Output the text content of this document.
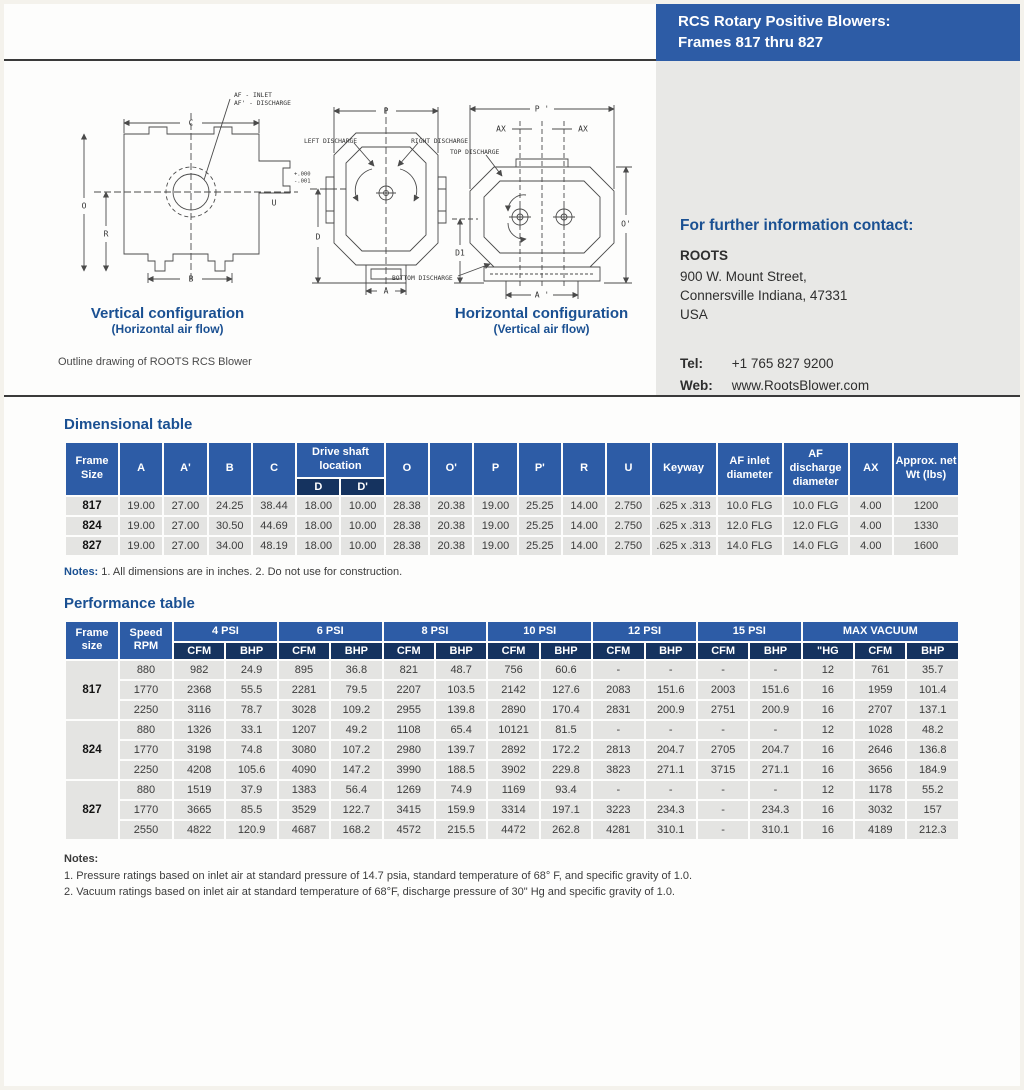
RCS Rotary Positive Blowers:
Frames 817 thru 827
C
O
R
B
U
+.000
-.001
AF - INLET
AF' - DISCHARGE
P
D
A
LEFT DISCHARGE	RIGHT DISCHARGE
P '
AX	AX
O'
D1
A '
TOP DISCHARGE
BOTTOM DISCHARGE
Vertical configuration
(Horizontal air flow)
Horizontal configuration
(Vertical air flow)
Outline drawing of ROOTS RCS Blower
For further information contact:
ROOTS
900 W. Mount Street,
Connersville Indiana, 47331
USA
Tel: +1 765 827 9200
Web: www.RootsBlower.com
Dimensional table
Frame Size	A	A'	B	C	Drive shaft location		O	O'	P	P'	R	U	Keyway	AF inlet diameter	AF discharge diameter	AX	Approx. net Wt (lbs)
					D	D'											
817	19.00	27.00	24.25	38.44	18.00	10.00	28.38	20.38	19.00	25.25	14.00	2.750	.625 x .313	10.0 FLG	10.0 FLG	4.00	1200
824	19.00	27.00	30.50	44.69	18.00	10.00	28.38	20.38	19.00	25.25	14.00	2.750	.625 x .313	12.0 FLG	12.0 FLG	4.00	1330
827	19.00	27.00	34.00	48.19	18.00	10.00	28.38	20.38	19.00	25.25	14.00	2.750	.625 x .313	14.0 FLG	14.0 FLG	4.00	1600

Notes: 1. All dimensions are in inches. 2. Do not use for construction.

Performance table
Frame size	Speed RPM	4 PSI		6 PSI		8 PSI		10 PSI		12 PSI		15 PSI		MAX VACUUM		
		CFM	BHP	CFM	BHP	CFM	BHP	CFM	BHP	CFM	BHP	CFM	BHP	"HG	CFM	BHP
817	880	982	24.9	895	36.8	821	48.7	756	60.6	-	-	-	-	12	761	35.7
	1770	2368	55.5	2281	79.5	2207	103.5	2142	127.6	2083	151.6	2003	151.6	16	1959	101.4
	2250	3116	78.7	3028	109.2	2955	139.8	2890	170.4	2831	200.9	2751	200.9	16	2707	137.1
824	880	1326	33.1	1207	49.2	1108	65.4	10121	81.5	-	-	-	-	12	1028	48.2
	1770	3198	74.8	3080	107.2	2980	139.7	2892	172.2	2813	204.7	2705	204.7	16	2646	136.8
	2250	4208	105.6	4090	147.2	3990	188.5	3902	229.8	3823	271.1	3715	271.1	16	3656	184.9
827	880	1519	37.9	1383	56.4	1269	74.9	1169	93.4	-	-	-	-	12	1178	55.2
	1770	3665	85.5	3529	122.7	3415	159.9	3314	197.1	3223	234.3	-	234.3	16	3032	157
	2550	4822	120.9	4687	168.2	4572	215.5	4472	262.8	4281	310.1	-	310.1	16	4189	212.3
Notes:
1. Pressure ratings based on inlet air at standard pressure of 14.7 psia, standard temperature of 68° F, and specific gravity of 1.0.
2. Vacuum ratings based on inlet air at standard temperature of 68°F, discharge pressure of 30" Hg and specific gravity of 1.0.
